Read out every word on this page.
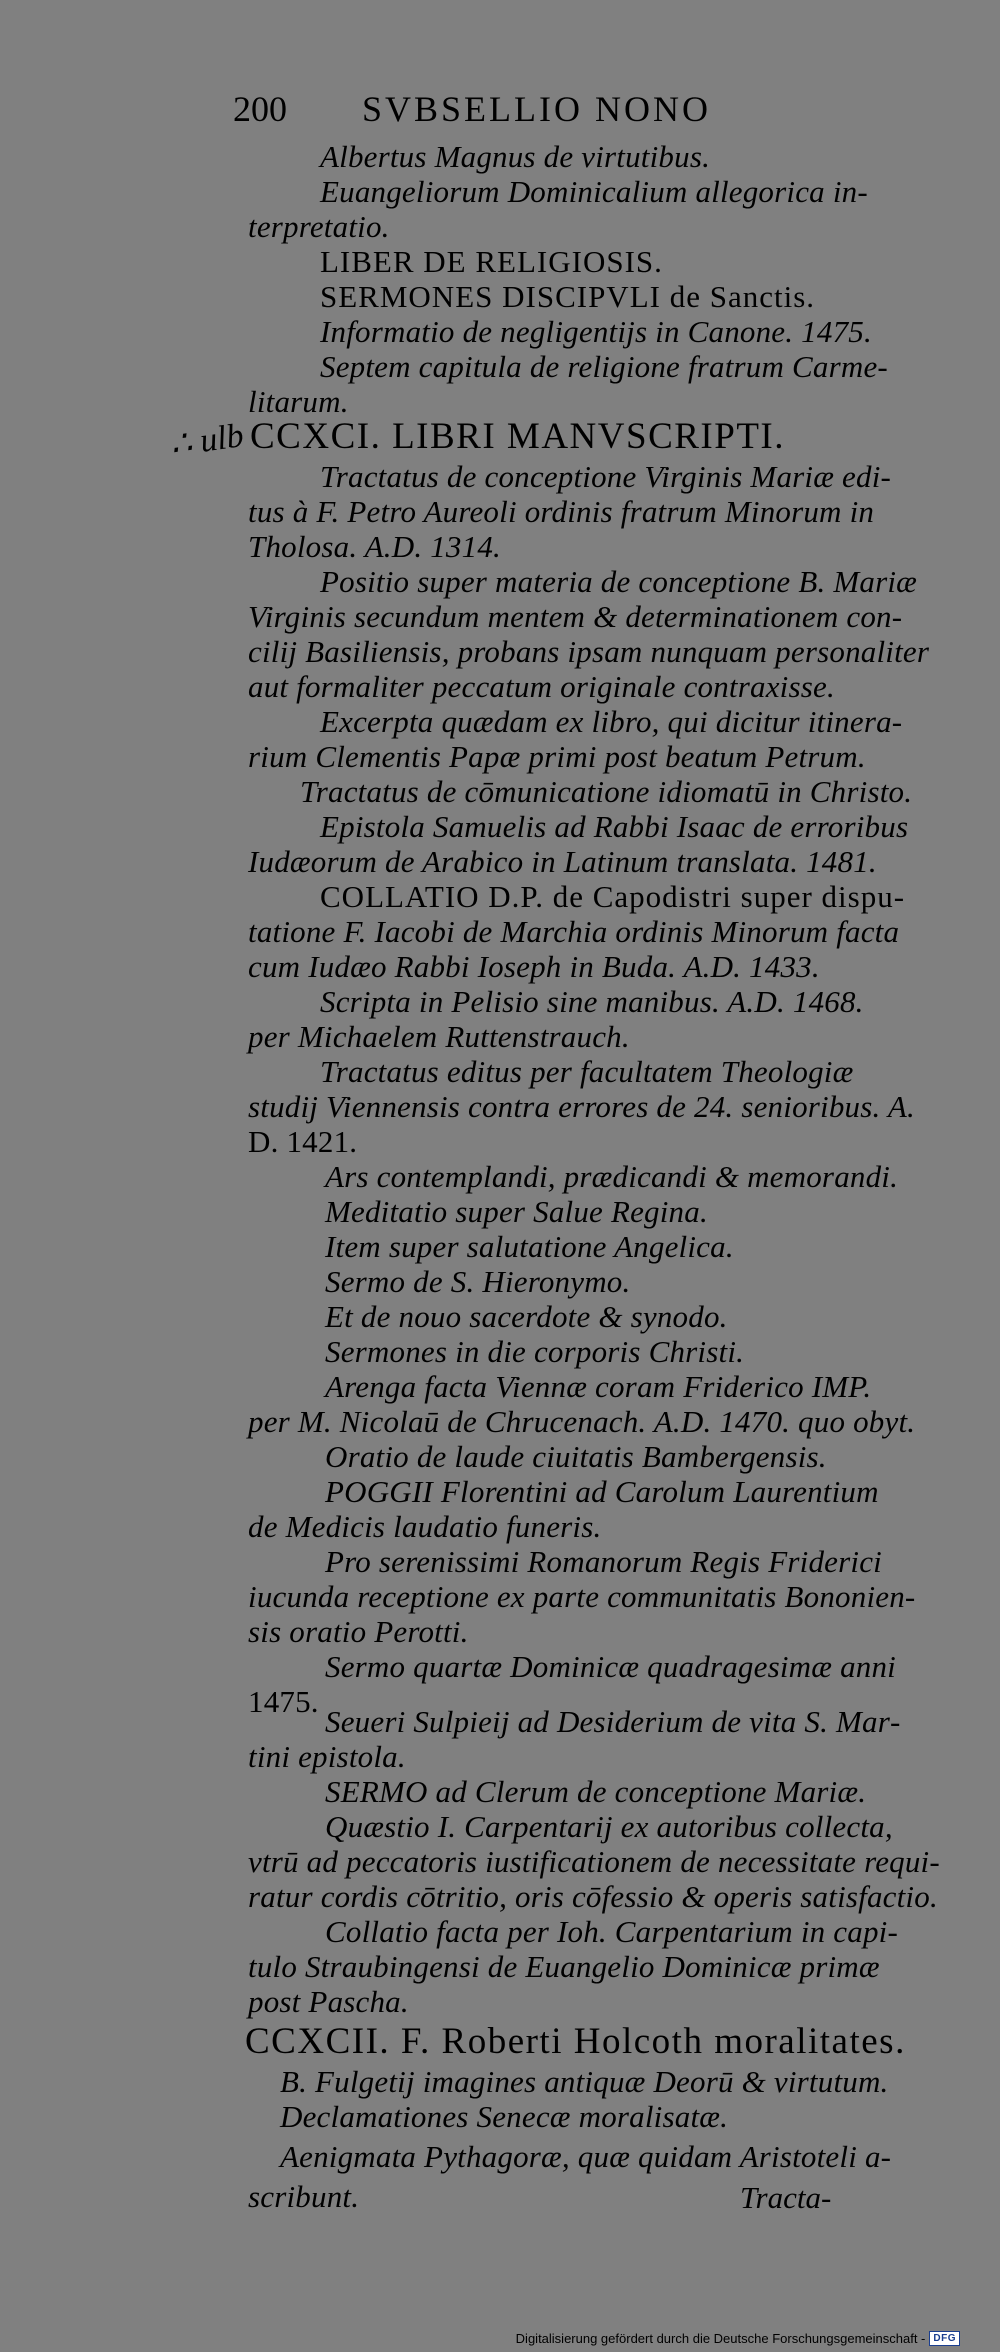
200 SVBSELLIO NONO
∴ ulb
Albertus Magnus de virtutibus.
Euangeliorum Dominicalium allegorica in‐
terpretatio.
LIBER DE RELIGIOSIS.
SERMONES DISCIPVLI de Sanctis.
Informatio de negligentijs in Canone. 1475.
Septem capitula de religione fratrum Carme‐
litarum.
CCXCI. LIBRI MANVSCRIPTI.
Tractatus de conceptione Virginis Mariæ edi‐
tus à F. Petro Aureoli ordinis fratrum Minorum in
Tholosa. A.D. 1314.
Positio super materia de conceptione B. Mariæ
Virginis secundum mentem & determinationem con‐
cilij Basiliensis, probans ipsam nunquam personaliter
aut formaliter peccatum originale contraxisse.
Excerpta quædam ex libro, qui dicitur itinera‐
rium Clementis Papæ primi post beatum Petrum.
Tractatus de cōmunicatione idiomatū in Christo.
Epistola Samuelis ad Rabbi Isaac de erroribus
Iudæorum de Arabico in Latinum translata. 1481.
COLLATIO D.P. de Capodistri super dispu‐
tatione F. Iacobi de Marchia ordinis Minorum facta
cum Iudæo Rabbi Ioseph in Buda. A.D. 1433.
Scripta in Pelisio sine manibus. A.D. 1468.
per Michaelem Ruttenstrauch.
Tractatus editus per facultatem Theologiæ
studij Viennensis contra errores de 24. senioribus. A.
D. 1421.
Ars contemplandi, prædicandi & memorandi.
Meditatio super Salue Regina.
Item super salutatione Angelica.
Sermo de S. Hieronymo.
Et de nouo sacerdote & synodo.
Sermones in die corporis Christi.
Arenga facta Viennæ coram Friderico IMP.
per M. Nicolaū de Chrucenach. A.D. 1470. quo obyt.
Oratio de laude ciuitatis Bambergensis.
POGGII Florentini ad Carolum Laurentium
de Medicis laudatio funeris.
Pro serenissimi Romanorum Regis Friderici
iucunda receptione ex parte communitatis Bononien‐
sis oratio Perotti.
Sermo quartæ Dominicæ quadragesimæ anni
1475.
Seueri Sulpieij ad Desiderium de vita S. Mar‐
tini epistola.
SERMO ad Clerum de conceptione Mariæ.
Quæstio I. Carpentarij ex autoribus collecta,
vtrū ad peccatoris iustificationem de necessitate requi‐
ratur cordis cōtritio, oris cōfessio & operis satisfactio.
Collatio facta per Ioh. Carpentarium in capi‐
tulo Straubingensi de Euangelio Dominicæ primæ
post Pascha.
CCXCII. F. Roberti Holcoth moralitates.
B. Fulgetij imagines antiquæ Deorū & virtutum.
Declamationes Senecæ moralisatæ.
Aenigmata Pythagoræ, quæ quidam Aristoteli a‐
scribunt.	Tracta‐
Digitalisierung gefördert durch die Deutsche Forschungsgemeinschaft - DFG
